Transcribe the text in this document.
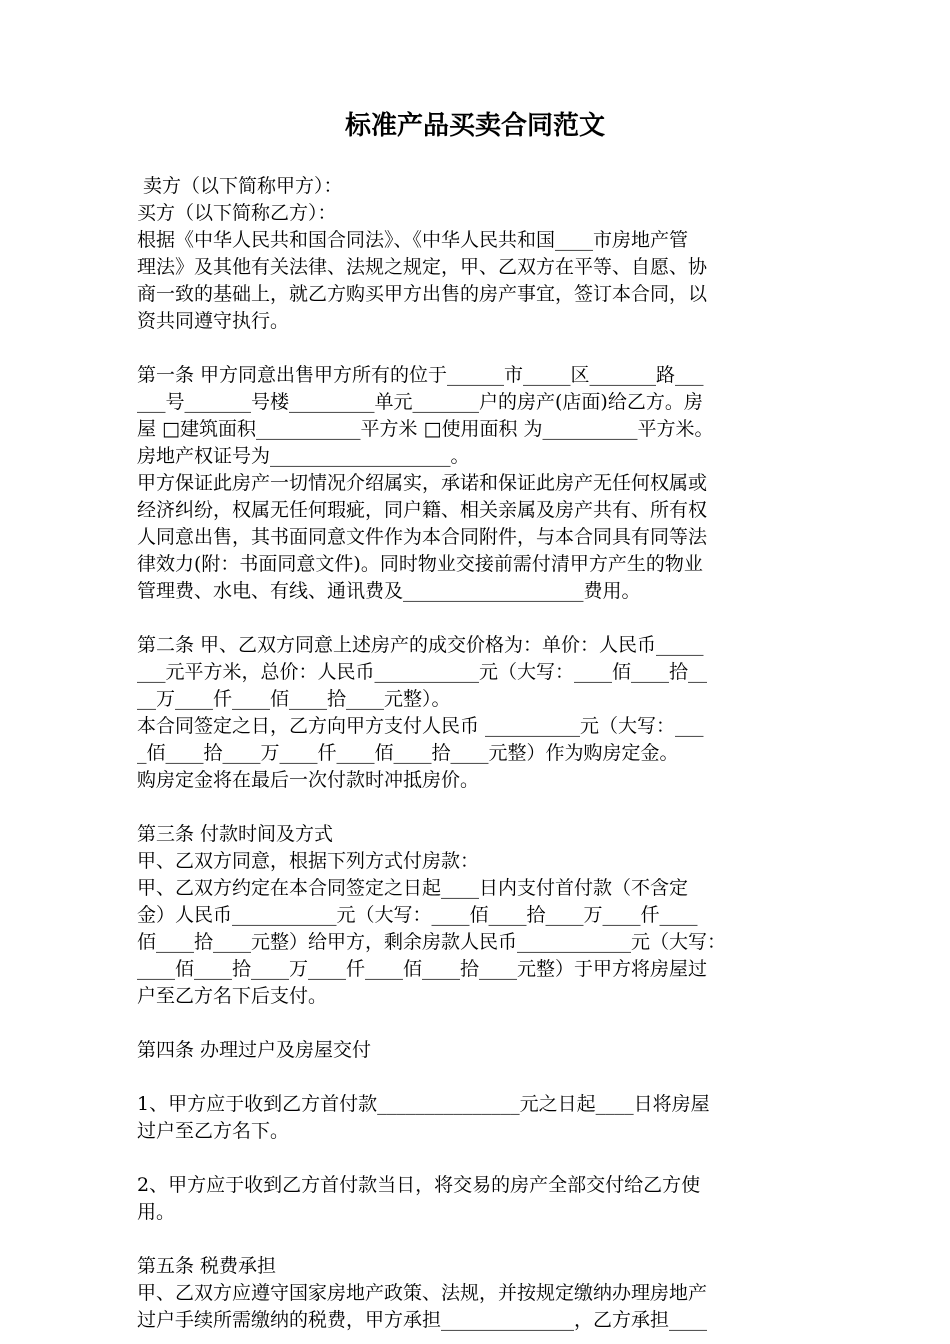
标准产品买卖合同范文
卖方（以下简称甲方）：
买方（以下简称乙方）：
根据《中华人民共和国合同法》、《中华人民共和国____市房地产管
理法》及其他有关法律、法规之规定，甲、乙双方在平等、自愿、协
商一致的基础上，就乙方购买甲方出售的房产事宜，签订本合同，以
资共同遵守执行。
第一条 甲方同意出售甲方所有的位于______市_____区_______路___
___号_______号楼_________单元_______户的房产(店面)给乙方。房
屋 □建筑面积___________平方米 □使用面积 为__________平方米。
房地产权证号为___________________。
甲方保证此房产一切情况介绍属实，承诺和保证此房产无任何权属或
经济纠纷，权属无任何瑕疵，同户籍、相关亲属及房产共有、所有权
人同意出售，其书面同意文件作为本合同附件，与本合同具有同等法
律效力(附：书面同意文件)。同时物业交接前需付清甲方产生的物业
管理费、水电、有线、通讯费及___________________费用。
第二条 甲、乙双方同意上述房产的成交价格为：单价：人民币_____
___元平方米，总价：人民币___________元（大写：____佰____拾__
__万____仟____佰____拾____元整）。
本合同签定之日，乙方向甲方支付人民币 __________元（大写：___
_佰____拾____万____仟____佰____拾____元整）作为购房定金。
购房定金将在最后一次付款时冲抵房价。
第三条 付款时间及方式
甲、乙双方同意，根据下列方式付房款：
甲、乙双方约定在本合同签定之日起____日内支付首付款（不含定
金）人民币___________元（大写：____佰____拾____万____仟____
佰____拾____元整）给甲方，剩余房款人民币____________元（大写：
____佰____拾____万____仟____佰____拾____元整）于甲方将房屋过
户至乙方名下后支付。
第四条 办理过户及房屋交付
1、甲方应于收到乙方首付款_______________元之日起____日将房屋
过户至乙方名下。
2、甲方应于收到乙方首付款当日，将交易的房产全部交付给乙方使
用。
第五条 税费承担
甲、乙双方应遵守国家房地产政策、法规，并按规定缴纳办理房地产
过户手续所需缴纳的税费，甲方承担______________，乙方承担____
